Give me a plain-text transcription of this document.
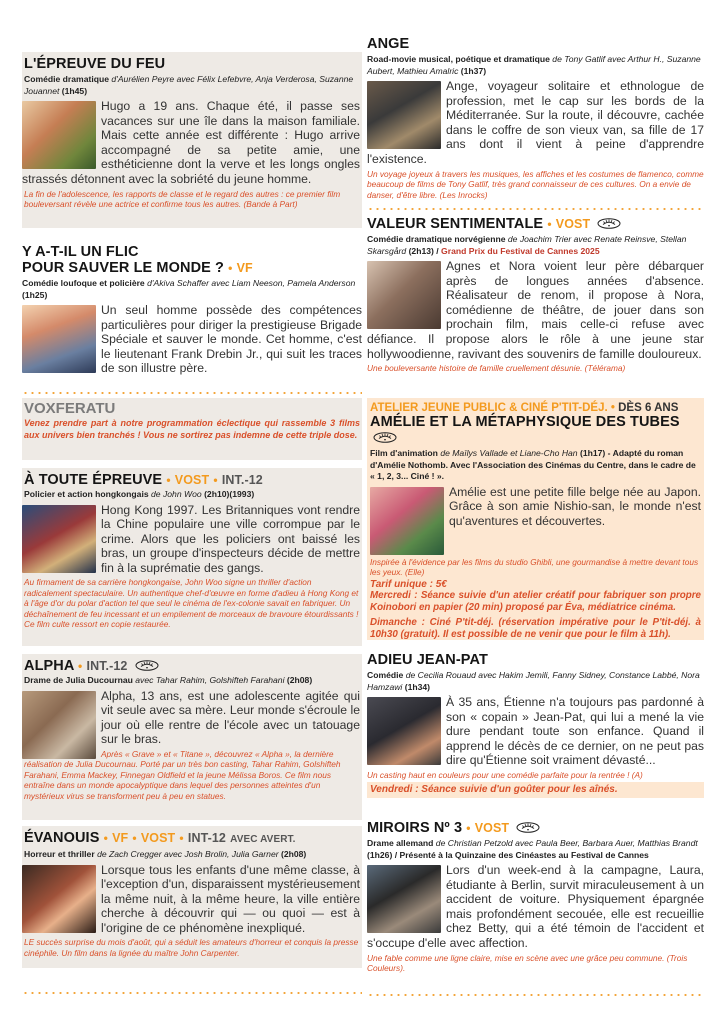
L'ÉPREUVE DU FEU
Comédie dramatique d'Aurélien Peyre avec Félix Lefebvre, Anja Verderosa, Suzanne Jouannet (1h45)
Hugo a 19 ans. Chaque été, il passe ses vacances sur une île dans la maison familiale. Mais cette année est différente : Hugo arrive accompagné de sa petite amie, une esthéticienne dont la verve et les longs ongles strassés détonnent avec la sobriété du jeune homme.
La fin de l'adolescence, les rapports de classe et le regard des autres : ce premier film bouleversant révèle une actrice et confirme tous les autres. (Bande à Part)
Y A-T-IL UN FLIC
POUR SAUVER LE MONDE ? • VF
Comédie loufoque et policière d'Akiva Schaffer avec Liam Neeson, Pamela Anderson (1h25)
Un seul homme possède des compétences particulières pour diriger la prestigieuse Brigade Spéciale et sauver le monde. Cet homme, c'est le lieutenant Frank Drebin Jr., qui suit les traces de son illustre père.
VOXFERATU
Venez prendre part à notre programmation éclectique qui rassemble 3 films aux univers bien tranchés ! Vous ne sortirez pas indemne de cette triple dose.
À TOUTE ÉPREUVE • VOST • INT.-12
Policier et action hongkongais de John Woo (2h10)(1993)
Hong Kong 1997. Les Britanniques vont rendre la Chine populaire une ville corrompue par le crime. Alors que les policiers ont baissé les bras, un groupe d'inspecteurs décide de mettre fin à la suprématie des gangs.
Au firmament de sa carrière hongkongaise, John Woo signe un thriller d'action radicalement spectaculaire. Un authentique chef-d'œuvre en forme d'adieu à Hong Kong et à l'âge d'or du polar d'action tel que seul le cinéma de l'ex-colonie savait en fabriquer. Un déchaînement de feu incessant et un empilement de morceaux de bravoure étourdissants ! Ce film culte ressort en copie restaurée.
ALPHA • INT.-12
Drame de Julia Ducournau avec Tahar Rahim, Golshifteh Farahani (2h08)
Alpha, 13 ans, est une adolescente agitée qui vit seule avec sa mère. Leur monde s'écroule le jour où elle rentre de l'école avec un tatouage sur le bras.
Après « Grave » et « Titane », découvrez « Alpha », la dernière réalisation de Julia Ducournau. Porté par un très bon casting, Tahar Rahim, Golshifteh Farahani, Emma Mackey, Finnegan Oldfield et la jeune Mélissa Boros. Ce film nous entraîne dans un monde apocalyptique dans lequel des personnes atteintes d'un mystérieux virus se transforment peu à peu en statues.
ÉVANOUIS • VF • VOST • INT-12 AVEC AVERT.
Horreur et thriller de Zach Cregger avec Josh Brolin, Julia Garner (2h08)
Lorsque tous les enfants d'une même classe, à l'exception d'un, disparaissent mystérieusement la même nuit, à la même heure, la ville entière cherche à découvrir qui — ou quoi — est à l'origine de ce phénomène inexpliqué.
LE succès surprise du mois d'août, qui a séduit les amateurs d'horreur et conquis la presse cinéphile. Un film dans la lignée du maître John Carpenter.
ANGE
Road-movie musical, poétique et dramatique de Tony Gatlif avec Arthur H., Suzanne Aubert, Mathieu Amalric (1h37)
Ange, voyageur solitaire et ethnologue de profession, met le cap sur les bords de la Méditerranée. Sur la route, il découvre, cachée dans le coffre de son vieux van, sa fille de 17 ans dont il vient à peine d'apprendre l'existence.
Un voyage joyeux à travers les musiques, les affiches et les costumes de flamenco, comme beaucoup de films de Tony Gatlif, très grand connaisseur de ces cultures. On a envie de danser, d'être libre. (Les Inrocks)
VALEUR SENTIMENTALE • VOST
Comédie dramatique norvégienne de Joachim Trier avec Renate Reinsve, Stellan Skarsgård (2h13) / Grand Prix du Festival de Cannes 2025
Agnes et Nora voient leur père débarquer après de longues années d'absence. Réalisateur de renom, il propose à Nora, comédienne de théâtre, de jouer dans son prochain film, mais celle-ci refuse avec défiance. Il propose alors le rôle à une jeune star hollywoodienne, ravivant des souvenirs de famille douloureux.
Une bouleversante histoire de famille cruellement désunie. (Télérama)
ATELIER JEUNE PUBLIC & CINÉ P'TIT-DÉJ. • DÈS 6 ANS
AMÉLIE ET LA MÉTAPHYSIQUE DES TUBES
Film d'animation de Maïlys Vallade et Liane-Cho Han (1h17) - Adapté du roman d'Amélie Nothomb. Avec l'Association des Cinémas du Centre, dans le cadre de « 1, 2, 3... Ciné ! ».
Amélie est une petite fille belge née au Japon. Grâce à son amie Nishio-san, le monde n'est qu'aventures et découvertes.
Inspirée à l'évidence par les films du studio Ghibli, une gourmandise à mettre devant tous les yeux. (Elle)
Tarif unique : 5€
Mercredi : Séance suivie d'un atelier créatif pour fabriquer son propre Koinobori en papier (20 min) proposé par Éva, médiatrice cinéma.
Dimanche : Ciné P'tit-déj. (réservation impérative pour le P'tit-déj. à 10h30 (gratuit). Il est possible de ne venir que pour le film à 11h).
ADIEU JEAN-PAT
Comédie de Cecilia Rouaud avec Hakim Jemili, Fanny Sidney, Constance Labbé, Nora Hamzawi (1h34)
À 35 ans, Étienne n'a toujours pas pardonné à son « copain » Jean-Pat, qui lui a mené la vie dure pendant toute son enfance. Quand il apprend le décès de ce dernier, on ne peut pas dire qu'Étienne soit vraiment dévasté...
Un casting haut en couleurs pour une comédie parfaite pour la rentrée ! (A)
Vendredi : Séance suivie d'un goûter pour les aînés.
MIROIRS Nº 3 • VOST
Drame allemand de Christian Petzold avec Paula Beer, Barbara Auer, Matthias Brandt (1h26) / Présenté à la Quinzaine des Cinéastes au Festival de Cannes
Lors d'un week-end à la campagne, Laura, étudiante à Berlin, survit miraculeusement à un accident de voiture. Physiquement épargnée mais profondément secouée, elle est recueillie chez Betty, qui a été témoin de l'accident et s'occupe d'elle avec affection.
Une fable comme une ligne claire, mise en scène avec une grâce peu commune. (Trois Couleurs).
